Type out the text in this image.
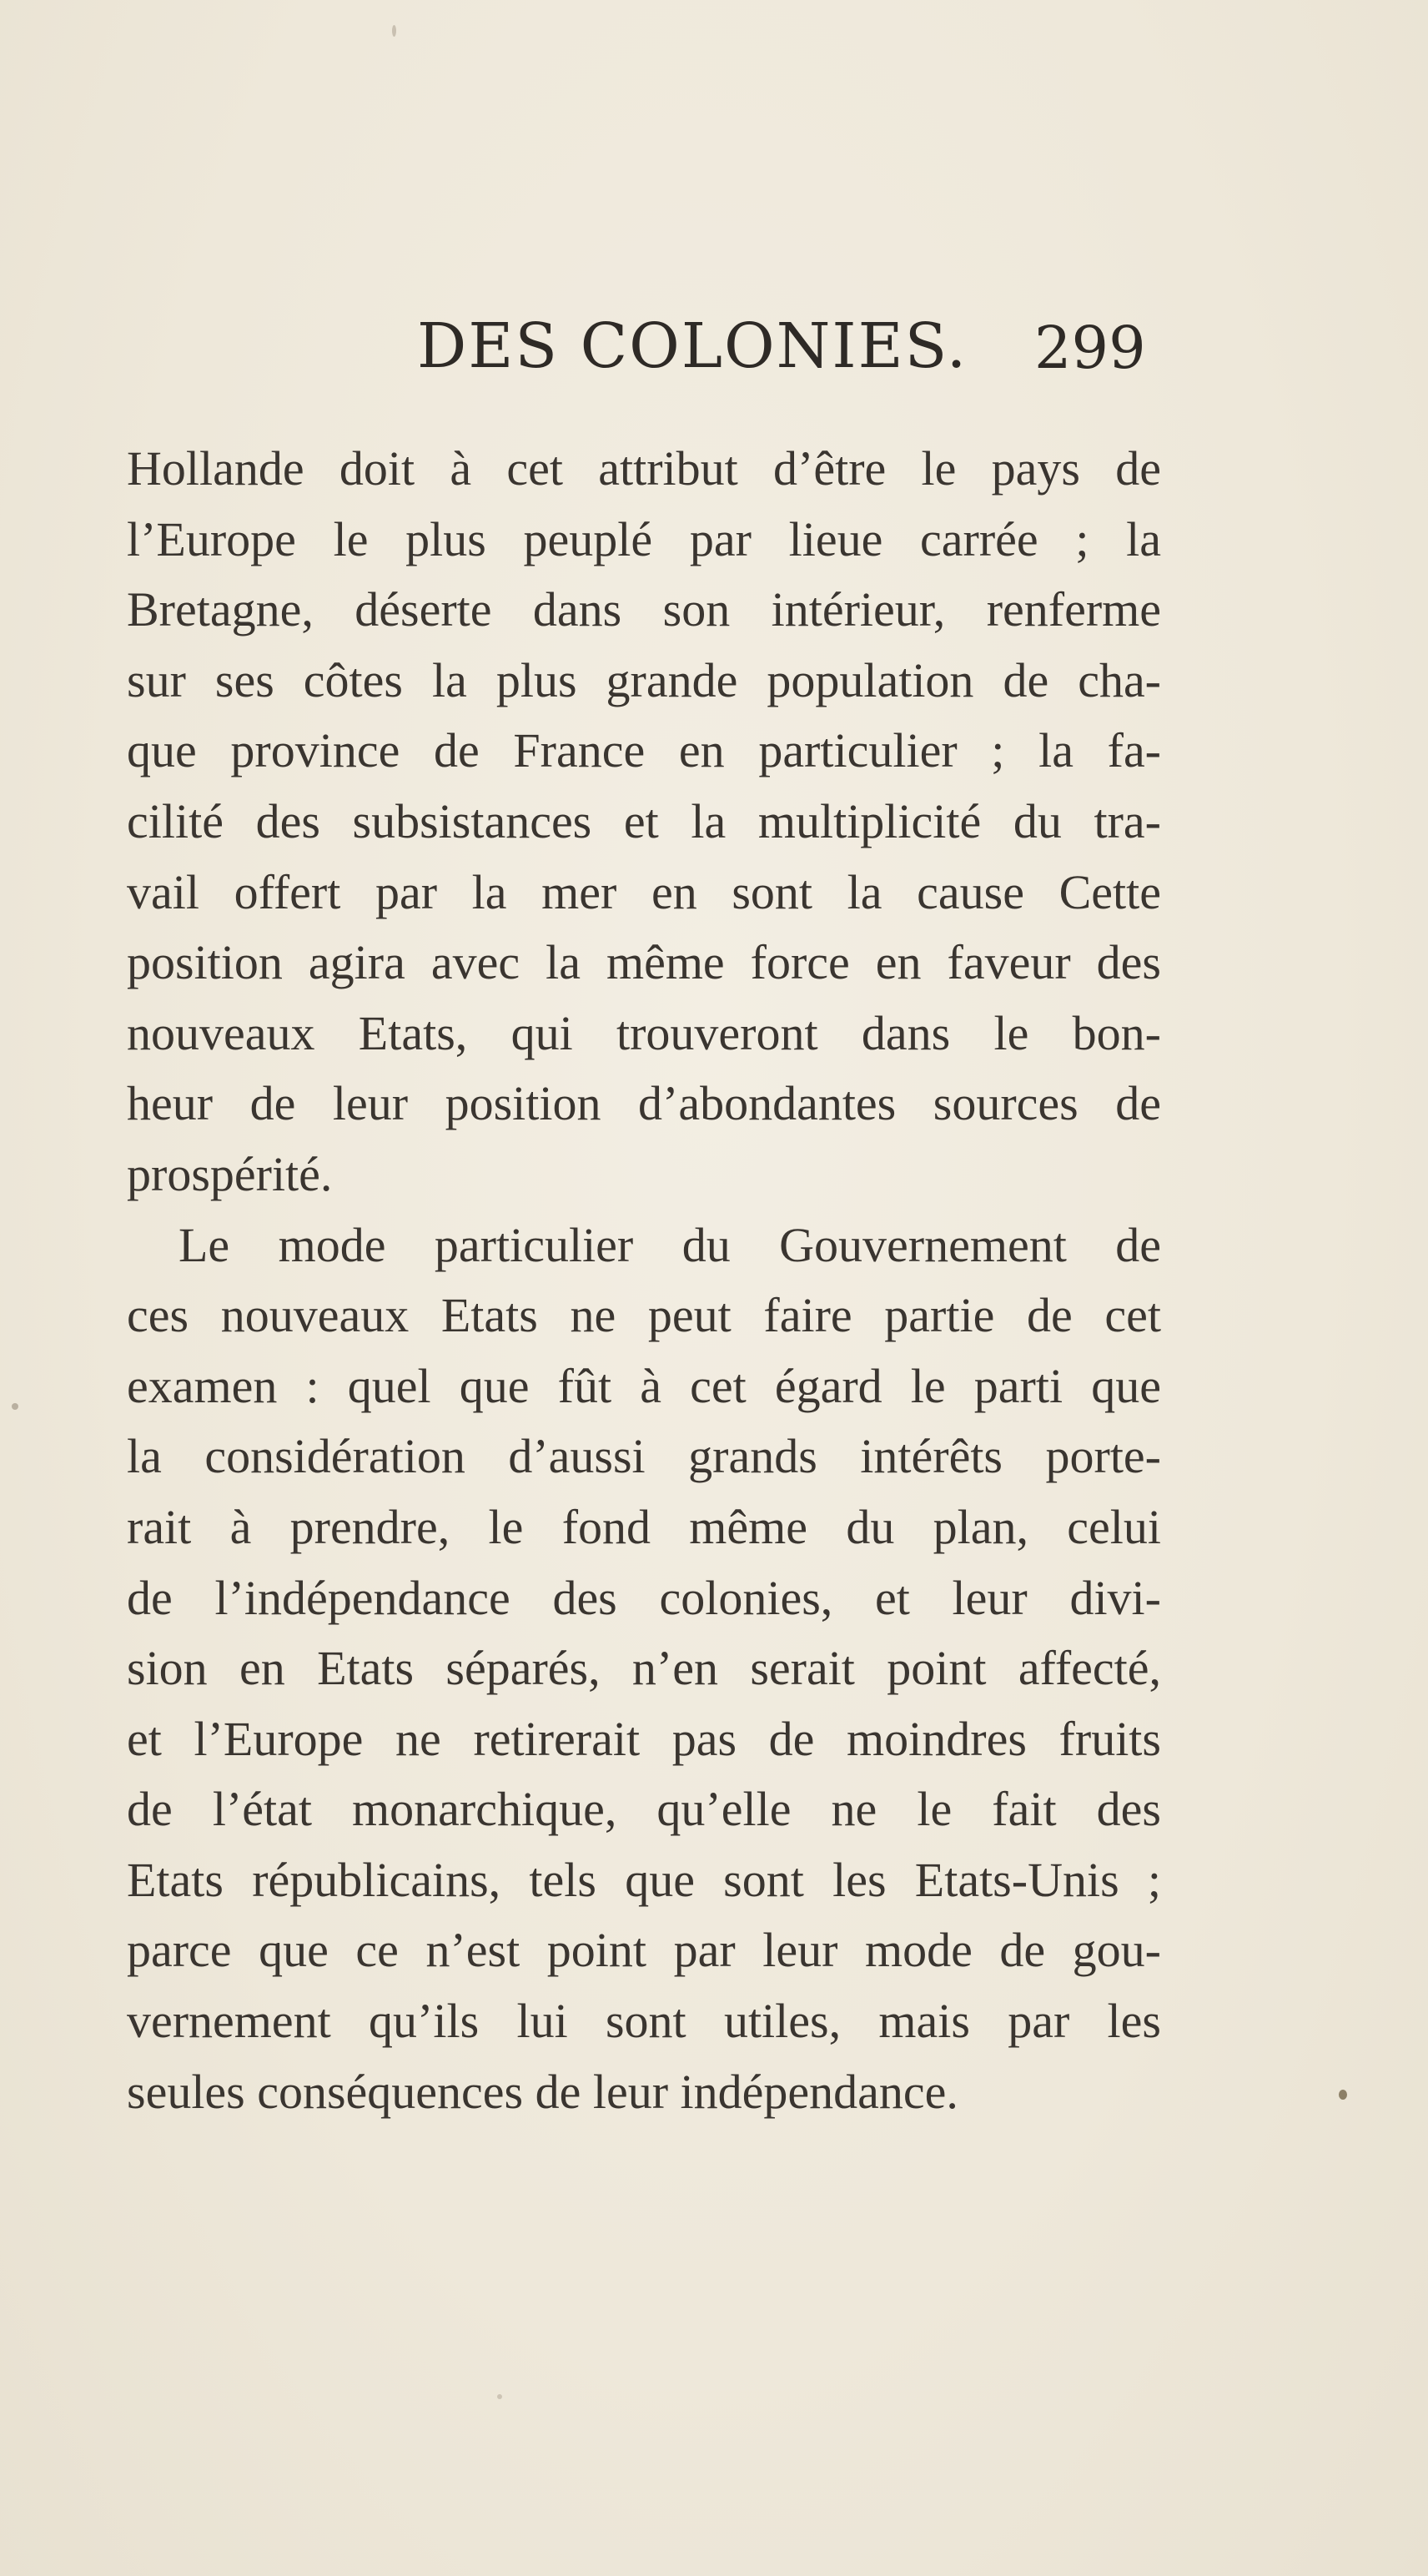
DES COLONIES. 299
Hollande doit à cet attribut d’être le pays de
l’Europe le plus peuplé par lieue carrée ; la
Bretagne, déserte dans son intérieur, renferme
sur ses côtes la plus grande population de cha-
que province de France en particulier ; la fa-
cilité des subsistances et la multiplicité du tra-
vail offert par la mer en sont la cause Cette
position agira avec la même force en faveur des
nouveaux Etats, qui trouveront dans le bon-
heur de leur position d’abondantes sources de
prospérité.
Le mode particulier du Gouvernement de
ces nouveaux Etats ne peut faire partie de cet
examen : quel que fût à cet égard le parti que
la considération d’aussi grands intérêts porte-
rait à prendre, le fond même du plan, celui
de l’indépendance des colonies, et leur divi-
sion en Etats séparés, n’en serait point affecté,
et l’Europe ne retirerait pas de moindres fruits
de l’état monarchique, qu’elle ne le fait des
Etats républicains, tels que sont les Etats-Unis ;
parce que ce n’est point par leur mode de gou-
vernement qu’ils lui sont utiles, mais par les
seules conséquences de leur indépendance.
